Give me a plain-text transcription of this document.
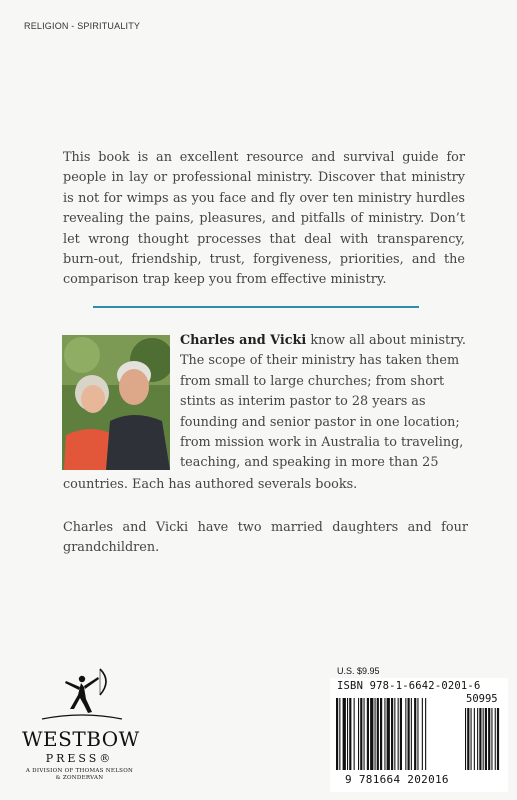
RELIGION - SPIRITUALITY
This book is an excellent resource and survival guide for people in lay or professional ministry. Discover that ministry is not for wimps as you face and fly over ten ministry hurdles revealing the pains, pleasures, and pitfalls of ministry. Don’t let wrong thought processes that deal with transparency, burn-out, friendship, trust, forgiveness, priorities, and the comparison trap keep you from effective ministry.
Charles and Vicki know all about ministry. The scope of their ministry has taken them from small to large churches; from short stints as interim pastor to 28 years as founding and senior pastor in one location; from mission work in Australia to traveling, teaching, and speaking in more than 25
countries. Each has authored severals books.
Charles and Vicki have two married daughters and four grandchildren.
WESTBOW
PRESS®
A DIVISION OF THOMAS NELSON
& ZONDERVAN
U.S. $9.95
ISBN 978-1-6642-0201-6
50995
9 781664 202016
